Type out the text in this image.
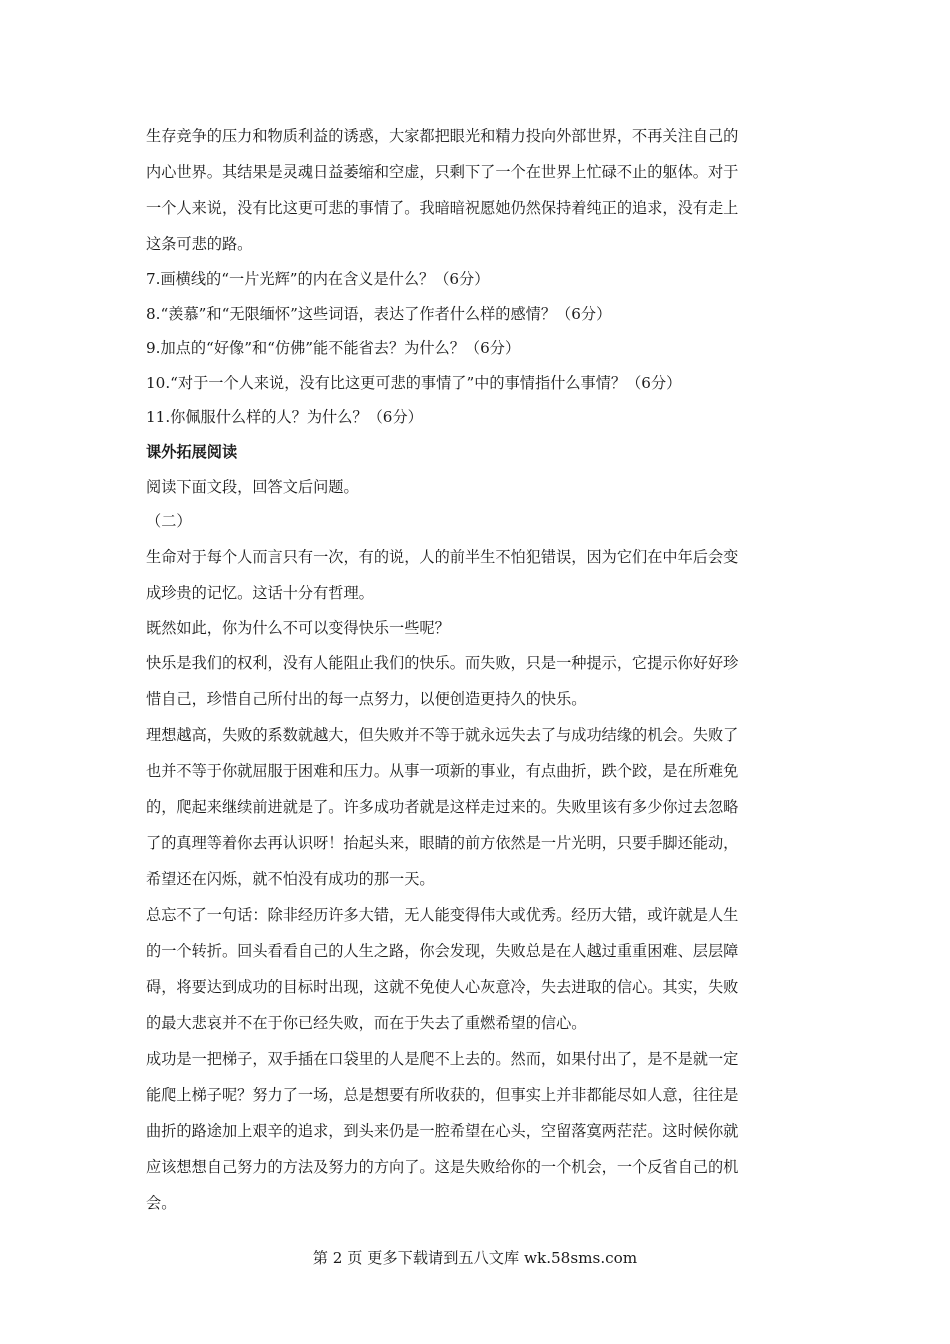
生存竞争的压力和物质利益的诱惑，大家都把眼光和精力投向外部世界，不再关注自己的
内心世界。其结果是灵魂日益萎缩和空虚，只剩下了一个在世界上忙碌不止的躯体。对于
一个人来说，没有比这更可悲的事情了。我暗暗祝愿她仍然保持着纯正的追求，没有走上
这条可悲的路。
7.画横线的“一片光辉”的内在含义是什么？（6分）
8.“羡慕”和“无限缅怀”这些词语，表达了作者什么样的感情？（6分）
9.加点的“好像”和“仿佛”能不能省去？为什么？（6分）
10.“对于一个人来说，没有比这更可悲的事情了”中的事情指什么事情？（6分）
11.你佩服什么样的人？为什么？（6分）
课外拓展阅读
阅读下面文段，回答文后问题。
（二）
生命对于每个人而言只有一次，有的说，人的前半生不怕犯错误，因为它们在中年后会变
成珍贵的记忆。这话十分有哲理。
既然如此，你为什么不可以变得快乐一些呢？
快乐是我们的权利，没有人能阻止我们的快乐。而失败，只是一种提示，它提示你好好珍
惜自己，珍惜自己所付出的每一点努力，以便创造更持久的快乐。
理想越高，失败的系数就越大，但失败并不等于就永远失去了与成功结缘的机会。失败了
也并不等于你就屈服于困难和压力。从事一项新的事业，有点曲折，跌个跤，是在所难免
的，爬起来继续前进就是了。许多成功者就是这样走过来的。失败里该有多少你过去忽略
了的真理等着你去再认识呀！抬起头来，眼睛的前方依然是一片光明，只要手脚还能动，
希望还在闪烁，就不怕没有成功的那一天。
总忘不了一句话：除非经历许多大错，无人能变得伟大或优秀。经历大错，或许就是人生
的一个转折。回头看看自己的人生之路，你会发现，失败总是在人越过重重困难、层层障
碍，将要达到成功的目标时出现，这就不免使人心灰意冷，失去进取的信心。其实，失败
的最大悲哀并不在于你已经失败，而在于失去了重燃希望的信心。
成功是一把梯子，双手插在口袋里的人是爬不上去的。然而，如果付出了，是不是就一定
能爬上梯子呢？努力了一场，总是想要有所收获的，但事实上并非都能尽如人意，往往是
曲折的路途加上艰辛的追求，到头来仍是一腔希望在心头，空留落寞两茫茫。这时候你就
应该想想自己努力的方法及努力的方向了。这是失败给你的一个机会，一个反省自己的机
会。
第 2 页 更多下载请到五八文库 wk.58sms.com
